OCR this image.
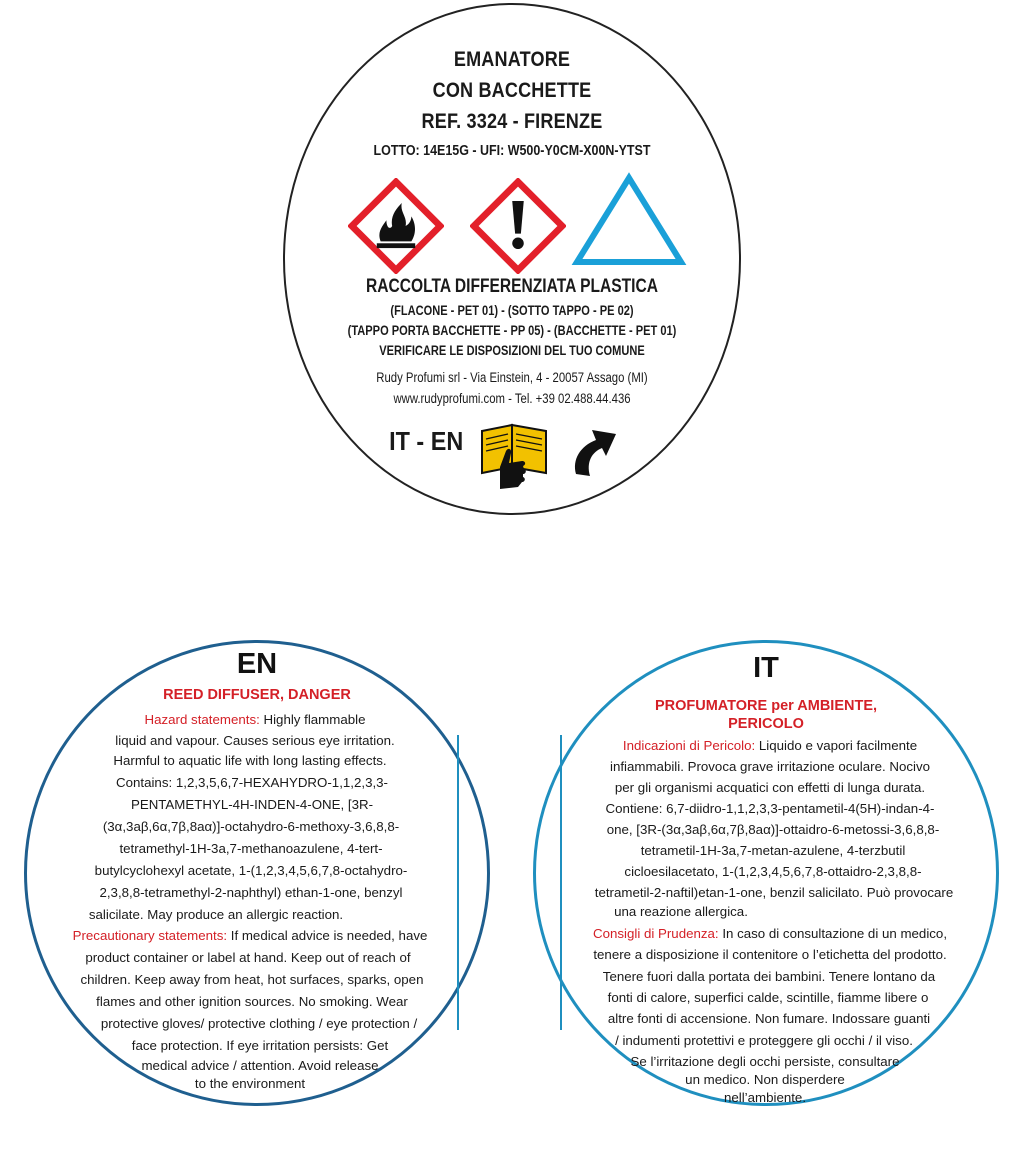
EMANATORE

CON BACCHETTE

REF. 3324 - FIRENZE

LOTTO: 14E15G - UFI: W500-Y0CM-X00N-YTST

RACCOLTA DIFFERENZIATA PLASTICA

(FLACONE - PET 01) - (SOTTO TAPPO - PE 02)

(TAPPO PORTA BACCHETTE - PP 05) - (BACCHETTE - PET 01)

VERIFICARE LE DISPOSIZIONI DEL TUO COMUNE

Rudy Profumi srl - Via Einstein, 4 - 20057 Assago (MI)

www.rudyprofumi.com - Tel. +39 02.488.44.436

IT - EN

EN

REED DIFFUSER, DANGER

Hazard statements: Highly flammable

liquid and vapour. Causes serious eye irritation.

Harmful to aquatic life with long lasting effects.

Contains: 1,2,3,5,6,7-HEXAHYDRO-1,1,2,3,3-

PENTAMETHYL-4H-INDEN-4-ONE, [3R-

(3α,3aβ,6α,7β,8aα)]-octahydro-6-methoxy-3,6,8,8-

tetramethyl-1H-3a,7-methanoazulene, 4-tert-

butylcyclohexyl acetate, 1-(1,2,3,4,5,6,7,8-octahydro-

2,3,8,8-tetramethyl-2-naphthyl) ethan-1-one, benzyl

salicilate. May produce an allergic reaction.

Precautionary statements: If medical advice is needed, have

product container or label at hand. Keep out of reach of

children. Keep away from heat, hot surfaces, sparks, open

flames and other ignition sources. No smoking. Wear

protective gloves/ protective clothing / eye protection /

face protection. If eye irritation persists: Get

medical advice / attention. Avoid release

to the environment

IT

PROFUMATORE per AMBIENTE,

PERICOLO

Indicazioni di Pericolo: Liquido e vapori facilmente

infiammabili. Provoca grave irritazione oculare. Nocivo

per gli organismi acquatici con effetti di lunga durata.

Contiene: 6,7-diidro-1,1,2,3,3-pentametil-4(5H)-indan-4-

one, [3R-(3α,3aβ,6α,7β,8aα)]-ottaidro-6-metossi-3,6,8,8-

tetrametil-1H-3a,7-metan-azulene, 4-terzbutil

cicloesilacetato, 1-(1,2,3,4,5,6,7,8-ottaidro-2,3,8,8-

tetrametil-2-naftil)etan-1-one, benzil salicilato. Può provocare

una reazione allergica.

Consigli di Prudenza: In caso di consultazione di un medico,

tenere a disposizione il contenitore o l’etichetta del prodotto.

Tenere fuori dalla portata dei bambini. Tenere lontano da

fonti di calore, superfici calde, scintille, fiamme libere o

altre fonti di accensione. Non fumare. Indossare guanti

/ indumenti protettivi e proteggere gli occhi / il viso.

Se l’irritazione degli occhi persiste, consultare

un medico. Non disperdere

nell’ambiente.
